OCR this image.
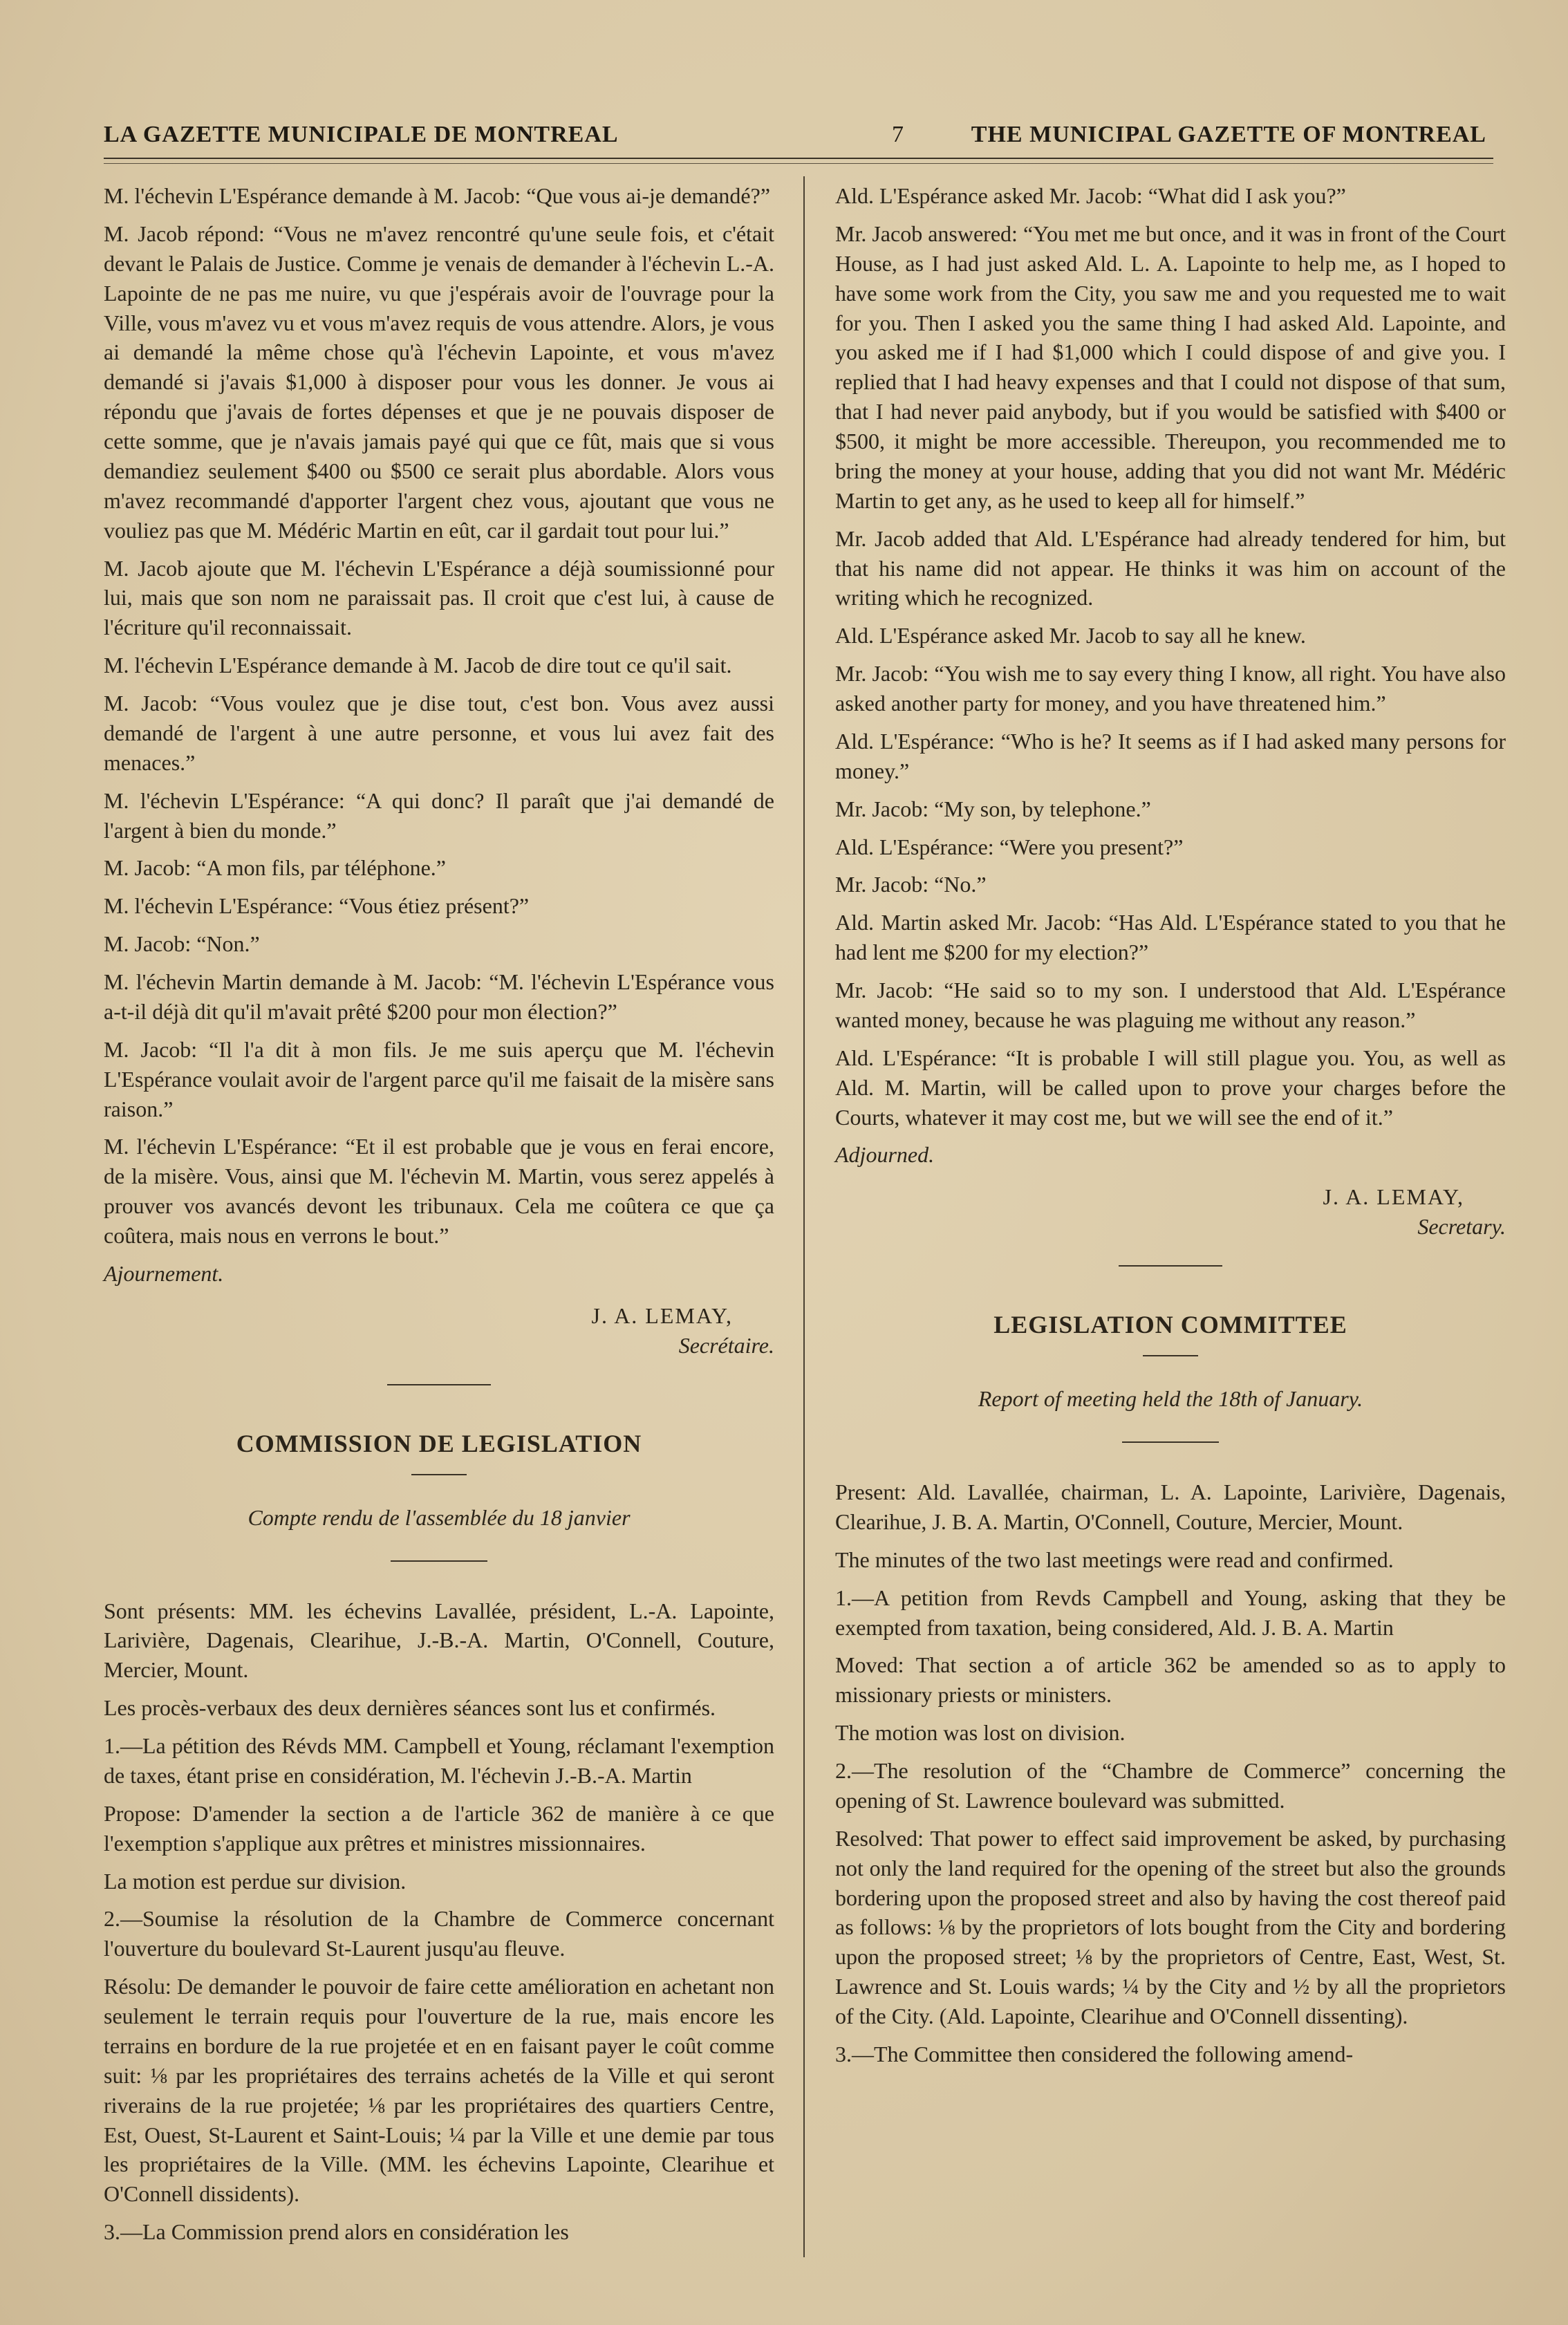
LA GAZETTE MUNICIPALE DE MONTREAL	7	THE MUNICIPAL GAZETTE OF MONTREAL

M. l'échevin L'Espérance demande à M. Jacob: “Que vous ai-je demandé?”

M. Jacob répond: “Vous ne m'avez rencontré qu'une seule fois, et c'était devant le Palais de Justice. Comme je venais de demander à l'échevin L.-A. Lapointe de ne pas me nuire, vu que j'espérais avoir de l'ouvrage pour la Ville, vous m'avez vu et vous m'avez requis de vous attendre. Alors, je vous ai demandé la même chose qu'à l'échevin Lapointe, et vous m'avez demandé si j'avais $1,000 à disposer pour vous les donner. Je vous ai répondu que j'avais de fortes dépenses et que je ne pouvais disposer de cette somme, que je n'avais jamais payé qui que ce fût, mais que si vous demandiez seulement $400 ou $500 ce serait plus abordable. Alors vous m'avez recommandé d'apporter l'argent chez vous, ajoutant que vous ne vouliez pas que M. Médéric Martin en eût, car il gardait tout pour lui.”

M. Jacob ajoute que M. l'échevin L'Espérance a déjà soumissionné pour lui, mais que son nom ne paraissait pas. Il croit que c'est lui, à cause de l'écriture qu'il reconnaissait.

M. l'échevin L'Espérance demande à M. Jacob de dire tout ce qu'il sait.

M. Jacob: “Vous voulez que je dise tout, c'est bon. Vous avez aussi demandé de l'argent à une autre personne, et vous lui avez fait des menaces.”

M. l'échevin L'Espérance: “A qui donc? Il paraît que j'ai demandé de l'argent à bien du monde.”

M. Jacob: “A mon fils, par téléphone.”

M. l'échevin L'Espérance: “Vous étiez présent?”

M. Jacob: “Non.”

M. l'échevin Martin demande à M. Jacob: “M. l'échevin L'Espérance vous a-t-il déjà dit qu'il m'avait prêté $200 pour mon élection?”

M. Jacob: “Il l'a dit à mon fils. Je me suis aperçu que M. l'échevin L'Espérance voulait avoir de l'argent parce qu'il me faisait de la misère sans raison.”

M. l'échevin L'Espérance: “Et il est probable que je vous en ferai encore, de la misère. Vous, ainsi que M. l'échevin M. Martin, vous serez appelés à prouver vos avancés devont les tribunaux. Cela me coûtera ce que ça coûtera, mais nous en verrons le bout.”

Ajournement.

J. A. LEMAY,
Secrétaire.
COMMISSION DE LEGISLATION
Compte rendu de l'assemblée du 18 janvier

Sont présents: MM. les échevins Lavallée, président, L.-A. Lapointe, Larivière, Dagenais, Clearihue, J.-B.-A. Martin, O'Connell, Couture, Mercier, Mount.

Les procès-verbaux des deux dernières séances sont lus et confirmés.

1.—La pétition des Révds MM. Campbell et Young, réclamant l'exemption de taxes, étant prise en considération, M. l'échevin J.-B.-A. Martin

Propose: D'amender la section a de l'article 362 de manière à ce que l'exemption s'applique aux prêtres et ministres missionnaires.

La motion est perdue sur division.

2.—Soumise la résolution de la Chambre de Commerce concernant l'ouverture du boulevard St-Laurent jusqu'au fleuve.

Résolu: De demander le pouvoir de faire cette amélioration en achetant non seulement le terrain requis pour l'ouverture de la rue, mais encore les terrains en bordure de la rue projetée et en en faisant payer le coût comme suit: ⅛ par les propriétaires des terrains achetés de la Ville et qui seront riverains de la rue projetée; ⅛ par les propriétaires des quartiers Centre, Est, Ouest, St-Laurent et Saint-Louis; ¼ par la Ville et une demie par tous les propriétaires de la Ville. (MM. les échevins Lapointe, Clearihue et O'Connell dissidents).

3.—La Commission prend alors en considération les

Ald. L'Espérance asked Mr. Jacob: “What did I ask you?”

Mr. Jacob answered: “You met me but once, and it was in front of the Court House, as I had just asked Ald. L. A. Lapointe to help me, as I hoped to have some work from the City, you saw me and you requested me to wait for you. Then I asked you the same thing I had asked Ald. Lapointe, and you asked me if I had $1,000 which I could dispose of and give you. I replied that I had heavy expenses and that I could not dispose of that sum, that I had never paid anybody, but if you would be satisfied with $400 or $500, it might be more accessible. Thereupon, you recommended me to bring the money at your house, adding that you did not want Mr. Médéric Martin to get any, as he used to keep all for himself.”

Mr. Jacob added that Ald. L'Espérance had already tendered for him, but that his name did not appear. He thinks it was him on account of the writing which he recognized.

Ald. L'Espérance asked Mr. Jacob to say all he knew.

Mr. Jacob: “You wish me to say every thing I know, all right. You have also asked another party for money, and you have threatened him.”

Ald. L'Espérance: “Who is he? It seems as if I had asked many persons for money.”

Mr. Jacob: “My son, by telephone.”

Ald. L'Espérance: “Were you present?”

Mr. Jacob: “No.”

Ald. Martin asked Mr. Jacob: “Has Ald. L'Espérance stated to you that he had lent me $200 for my election?”

Mr. Jacob: “He said so to my son. I understood that Ald. L'Espérance wanted money, because he was plaguing me without any reason.”

Ald. L'Espérance: “It is probable I will still plague you. You, as well as Ald. M. Martin, will be called upon to prove your charges before the Courts, whatever it may cost me, but we will see the end of it.”

Adjourned.

J. A. LEMAY,
Secretary.
LEGISLATION COMMITTEE
Report of meeting held the 18th of January.

Present: Ald. Lavallée, chairman, L. A. Lapointe, Larivière, Dagenais, Clearihue, J. B. A. Martin, O'Connell, Couture, Mercier, Mount.

The minutes of the two last meetings were read and confirmed.

1.—A petition from Revds Campbell and Young, asking that they be exempted from taxation, being considered, Ald. J. B. A. Martin

Moved: That section a of article 362 be amended so as to apply to missionary priests or ministers.

The motion was lost on division.

2.—The resolution of the “Chambre de Commerce” concerning the opening of St. Lawrence boulevard was submitted.

Resolved: That power to effect said improvement be asked, by purchasing not only the land required for the opening of the street but also the grounds bordering upon the proposed street and also by having the cost thereof paid as follows: ⅛ by the proprietors of lots bought from the City and bordering upon the proposed street; ⅛ by the proprietors of Centre, East, West, St. Lawrence and St. Louis wards; ¼ by the City and ½ by all the proprietors of the City. (Ald. Lapointe, Clearihue and O'Connell dissenting).

3.—The Committee then considered the following amend-
